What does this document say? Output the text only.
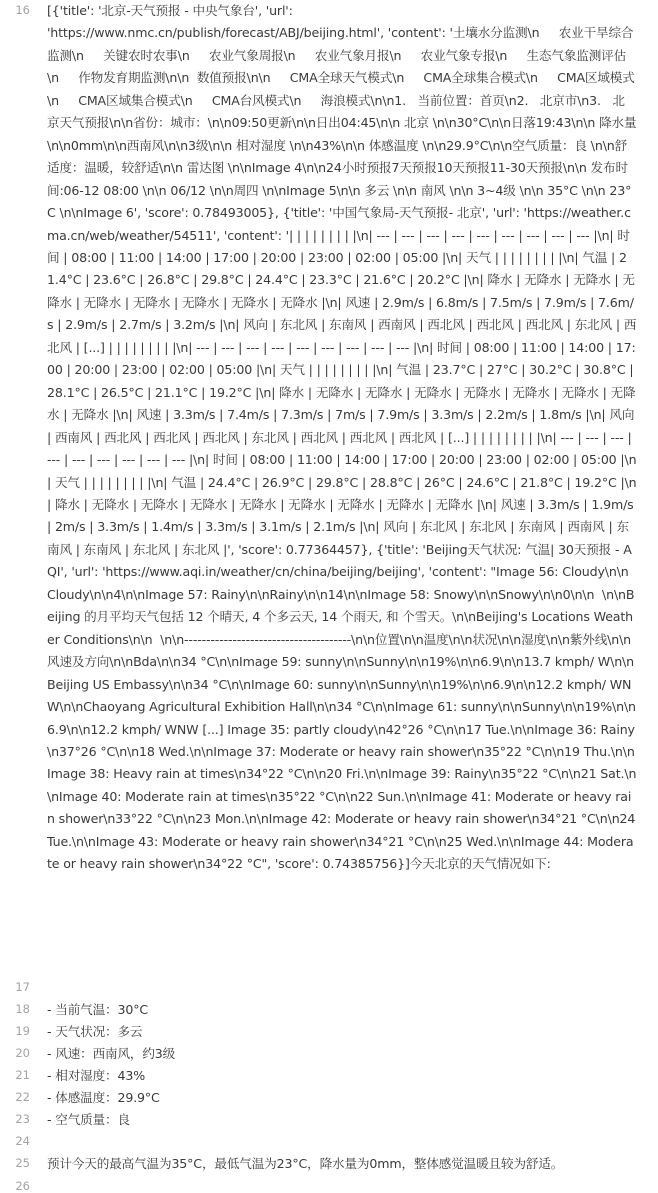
16 [{'title': '北京-天气预报 - 中央气象台', 'url':
'https://www.nmc.cn/publish/forecast/ABJ/beijing.html', 'content': '土壤水分监测\n     农业干旱综合监测\n     关键农时农事\n     农业气象周报\n     农业气象月报\n     农业气象专报\n     生态气象监测评估\n     作物发育期监测\n\n  数值预报\n\n     CMA全球天气模式\n     CMA全球集合模式\n     CMA区域模式\n     CMA区域集合模式\n     CMA台风模式\n     海浪模式\n\n1.   当前位置：首页\n2.   北京市\n3.   北京天气预报\n\n省份：城市：\n\n09:50更新\n\n日出04:45\n\n 北京 \n\n30°C\n\n日落19:43\n\n 降水量 \n\n0mm\n\n西南风\n\n3级\n\n 相对湿度 \n\n43%\n\n 体感温度 \n\n29.9°C\n\n空气质量：良 \n\n舒适度：温暖，较舒适\n\n 雷达图 \n\nImage 4\n\n24小时预报7天预报10天预报11-30天预报\n\n 发布时间:06-12 08:00 \n\n 06/12 \n\n周四 \n\nImage 5\n\n 多云 \n\n 南风 \n\n 3~4级 \n\n 35°C \n\n 23°C \n\nImage 6', 'score': 0.78493005}, {'title': '中国气象局-天气预报- 北京', 'url': 'https://weather.cma.cn/web/weather/54511', 'content': '| | | | | | | | |\n| --- | --- | --- | --- | --- | --- | --- | --- | --- |\n| 时间 | 08:00 | 11:00 | 14:00 | 17:00 | 20:00 | 23:00 | 02:00 | 05:00 |\n| 天气 | | | | | | | | |\n| 气温 | 21.4°C | 23.6°C | 26.8°C | 29.8°C | 24.4°C | 23.3°C | 21.6°C | 20.2°C |\n| 降水 | 无降水 | 无降水 | 无降水 | 无降水 | 无降水 | 无降水 | 无降水 | 无降水 |\n| 风速 | 2.9m/s | 6.8m/s | 7.5m/s | 7.9m/s | 7.6m/s | 2.9m/s | 2.7m/s | 3.2m/s |\n| 风向 | 东北风 | 东南风 | 西南风 | 西北风 | 西北风 | 西北风 | 东北风 | 西北风 | [...] | | | | | | | | |\n| --- | --- | --- | --- | --- | --- | --- | --- | --- |\n| 时间 | 08:00 | 11:00 | 14:00 | 17:00 | 20:00 | 23:00 | 02:00 | 05:00 |\n| 天气 | | | | | | | | |\n| 气温 | 23.7°C | 27°C | 30.2°C | 30.8°C | 28.1°C | 26.5°C | 21.1°C | 19.2°C |\n| 降水 | 无降水 | 无降水 | 无降水 | 无降水 | 无降水 | 无降水 | 无降水 | 无降水 |\n| 风速 | 3.3m/s | 7.4m/s | 7.3m/s | 7m/s | 7.9m/s | 3.3m/s | 2.2m/s | 1.8m/s |\n| 风向 | 西南风 | 西北风 | 西北风 | 西北风 | 东北风 | 西北风 | 西北风 | 西北风 | [...] | | | | | | | | |\n| --- | --- | --- | --- | --- | --- | --- | --- | --- |\n| 时间 | 08:00 | 11:00 | 14:00 | 17:00 | 20:00 | 23:00 | 02:00 | 05:00 |\n| 天气 | | | | | | | | |\n| 气温 | 24.4°C | 26.9°C | 29.8°C | 28.8°C | 26°C | 24.6°C | 21.8°C | 19.2°C |\n| 降水 | 无降水 | 无降水 | 无降水 | 无降水 | 无降水 | 无降水 | 无降水 | 无降水 |\n| 风速 | 3.3m/s | 1.9m/s | 2m/s | 3.3m/s | 1.4m/s | 3.3m/s | 3.1m/s | 2.1m/s |\n| 风向 | 东北风 | 东北风 | 东南风 | 西南风 | 东南风 | 东南风 | 东北风 | 东北风 |', 'score': 0.77364457}, {'title': 'Beijing天气状况: 气温| 30天预报 - AQI', 'url': 'https://www.aqi.in/weather/cn/china/beijing/beijing', 'content': "Image 56: Cloudy\n\nCloudy\n\n4\n\nImage 57: Rainy\n\nRainy\n\n14\n\nImage 58: Snowy\n\nSnowy\n\n0\n\n  \n\nBeijing 的月平均天气包括 12 个晴天, 4 个多云天, 14 个雨天, 和 个雪天。\n\nBeijing's Locations Weather Conditions\n\n  \n\n--------------------------------------\n\n位置\n\n温度\n\n状况\n\n湿度\n\n紫外线\n\n风速及方向\n\nBda\n\n34 °C\n\nImage 59: sunny\n\nSunny\n\n19%\n\n6.9\n\n13.7 kmph/ W\n\nBeijing US Embassy\n\n34 °C\n\nImage 60: sunny\n\nSunny\n\n19%\n\n6.9\n\n12.2 kmph/ WNW\n\nChaoyang Agricultural Exhibition Hall\n\n34 °C\n\nImage 61: sunny\n\nSunny\n\n19%\n\n6.9\n\n12.2 kmph/ WNW [...] Image 35: partly cloudy\n42°26 °C\n\n17 Tue.\n\nImage 36: Rainy\n37°26 °C\n\n18 Wed.\n\nImage 37: Moderate or heavy rain shower\n35°22 °C\n\n19 Thu.\n\nImage 38: Heavy rain at times\n34°22 °C\n\n20 Fri.\n\nImage 39: Rainy\n35°22 °C\n\n21 Sat.\n\nImage 40: Moderate rain at times\n35°22 °C\n\n22 Sun.\n\nImage 41: Moderate or heavy rain shower\n33°22 °C\n\n23 Mon.\n\nImage 42: Moderate or heavy rain shower\n34°21 °C\n\n24 Tue.\n\nImage 43: Moderate or heavy rain shower\n34°21 °C\n\n25 Wed.\n\nImage 44: Moderate or heavy rain shower\n34°22 °C", 'score': 0.74385756}]今天北京的天气情况如下:
17
18 - 当前气温：30°C
19 - 天气状况：多云
20 - 风速：西南风，约3级
21 - 相对湿度：43%
22 - 体感温度：29.9°C
23 - 空气质量：良
24
25 预计今天的最高气温为35°C，最低气温为23°C，降水量为0mm，整体感觉温暖且较为舒适。
26
